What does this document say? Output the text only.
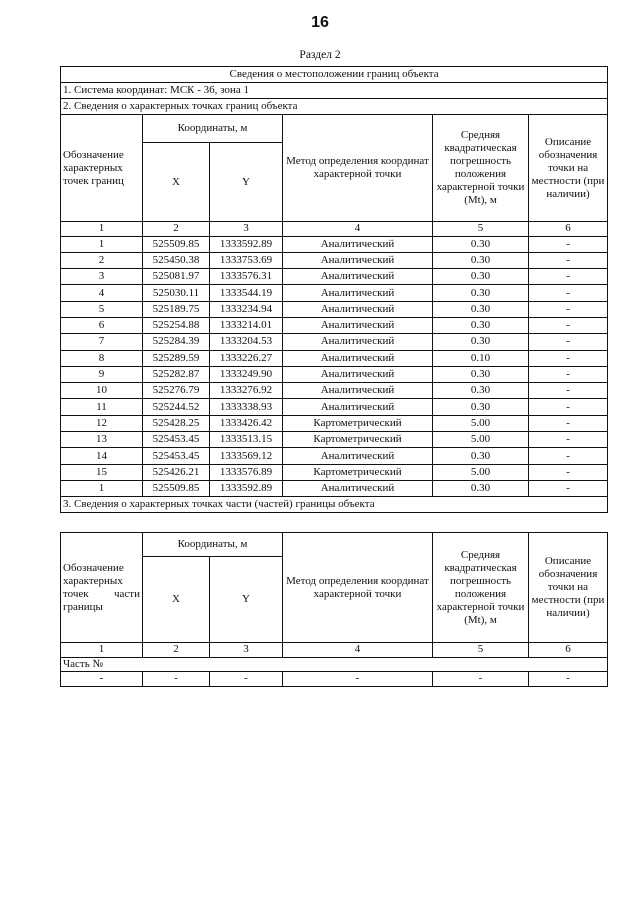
16
Раздел 2
Сведения о местоположении границ объекта					
1. Система координат: МСК - 36, зона 1					
2. Сведения о характерных точках границ объекта					
Обозначение характерных точек границ	Координаты, м		Метод определения координат характерной точки	Средняя квадратическая погрешность положения характерной точки (Mt), м	Описание обозначения точки на местности (при наличии)
	X	Y			
1	2	3	4	5	6
1	525509.85	1333592.89	Аналитический	0.30	-
2	525450.38	1333753.69	Аналитический	0.30	-
3	525081.97	1333576.31	Аналитический	0.30	-
4	525030.11	1333544.19	Аналитический	0.30	-
5	525189.75	1333234.94	Аналитический	0.30	-
6	525254.88	1333214.01	Аналитический	0.30	-
7	525284.39	1333204.53	Аналитический	0.30	-
8	525289.59	1333226.27	Аналитический	0.10	-
9	525282.87	1333249.90	Аналитический	0.30	-
10	525276.79	1333276.92	Аналитический	0.30	-
11	525244.52	1333338.93	Аналитический	0.30	-
12	525428.25	1333426.42	Картометрический	5.00	-
13	525453.45	1333513.15	Картометрический	5.00	-
14	525453.45	1333569.12	Аналитический	0.30	-
15	525426.21	1333576.89	Картометрический	5.00	-
1	525509.85	1333592.89	Аналитический	0.30	-
3. Сведения о характерных точках части (частей) границы объекта					
Обозначение характерных точек части границы	Координаты, м		Метод определения координат характерной точки	Средняя квадратическая погрешность положения характерной точки (Mt), м	Описание обозначения точки на местности (при наличии)
	X	Y			
1	2	3	4	5	6
Часть №					
-	-	-	-	-	-
